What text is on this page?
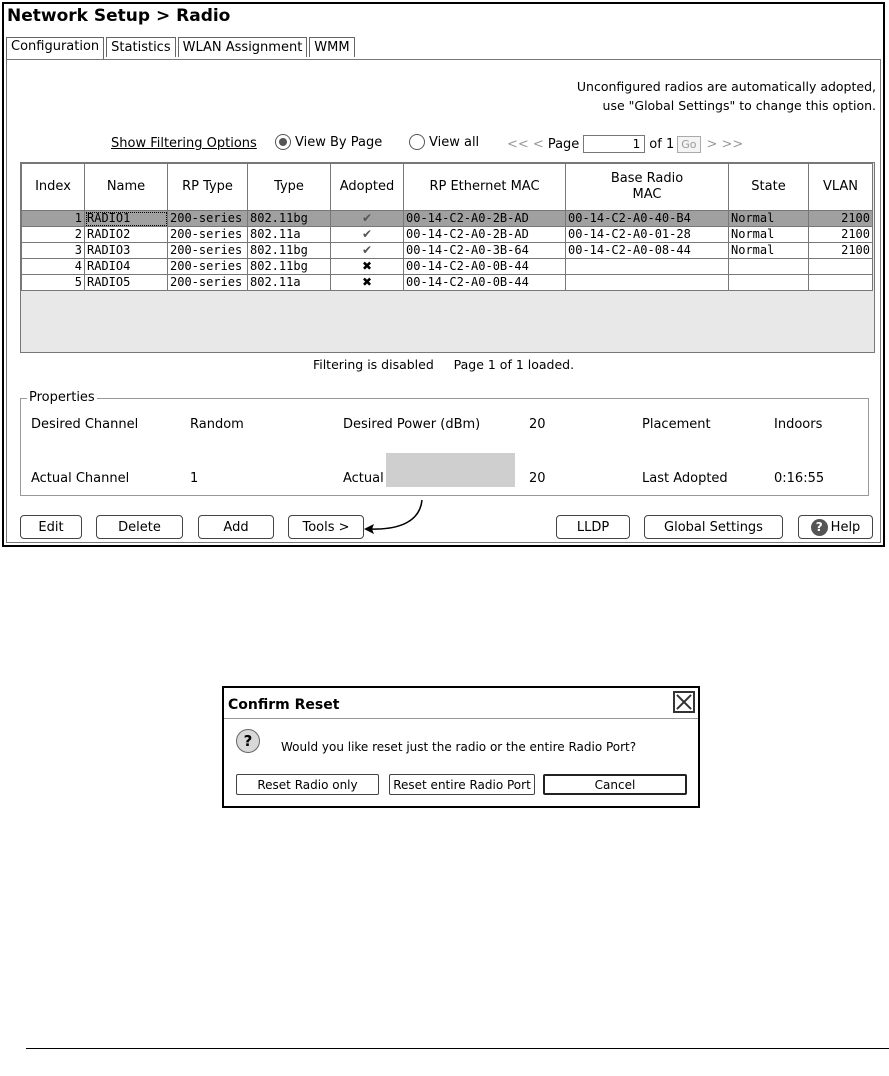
Network Setup > Radio
Configuration Statistics WLAN Assignment WMM
Unconfigured radios are automatically adopted,
use "Global Settings" to change this option.
Show Filtering Options	View By Page	View all << < Page
1	of 1 Go > >>
Index	Name	RP Type	Type	Adopted	RP Ethernet MAC	Base Radio MAC	State	VLAN
1	RADIO1	200-series	802.11bg	✔	00-14-C2-A0-2B-AD	00-14-C2-A0-40-B4	Normal	2100
2	RADIO2	200-series	802.11a	✔	00-14-C2-A0-2B-AD	00-14-C2-A0-01-28	Normal	2100
3	RADIO3	200-series	802.11bg	✔	00-14-C2-A0-3B-64	00-14-C2-A0-08-44	Normal	2100
4	RADIO4	200-series	802.11bg	✖	00-14-C2-A0-0B-44			
5	RADIO5	200-series	802.11a	✖	00-14-C2-A0-0B-44			
Filtering is disabled     Page 1 of 1 loaded.
Properties
Desired Channel	Random	Desired Power (dBm)	20	Placement	Indoors
Actual Channel	1	Actual	20	Last Adopted	0:16:55
Edit	Delete	Add	Tools >	LLDP	Global Settings	? Help
Confirm Reset
?	Would you like reset just the radio or the entire Radio Port?
Reset Radio only	Reset entire Radio Port	Cancel
